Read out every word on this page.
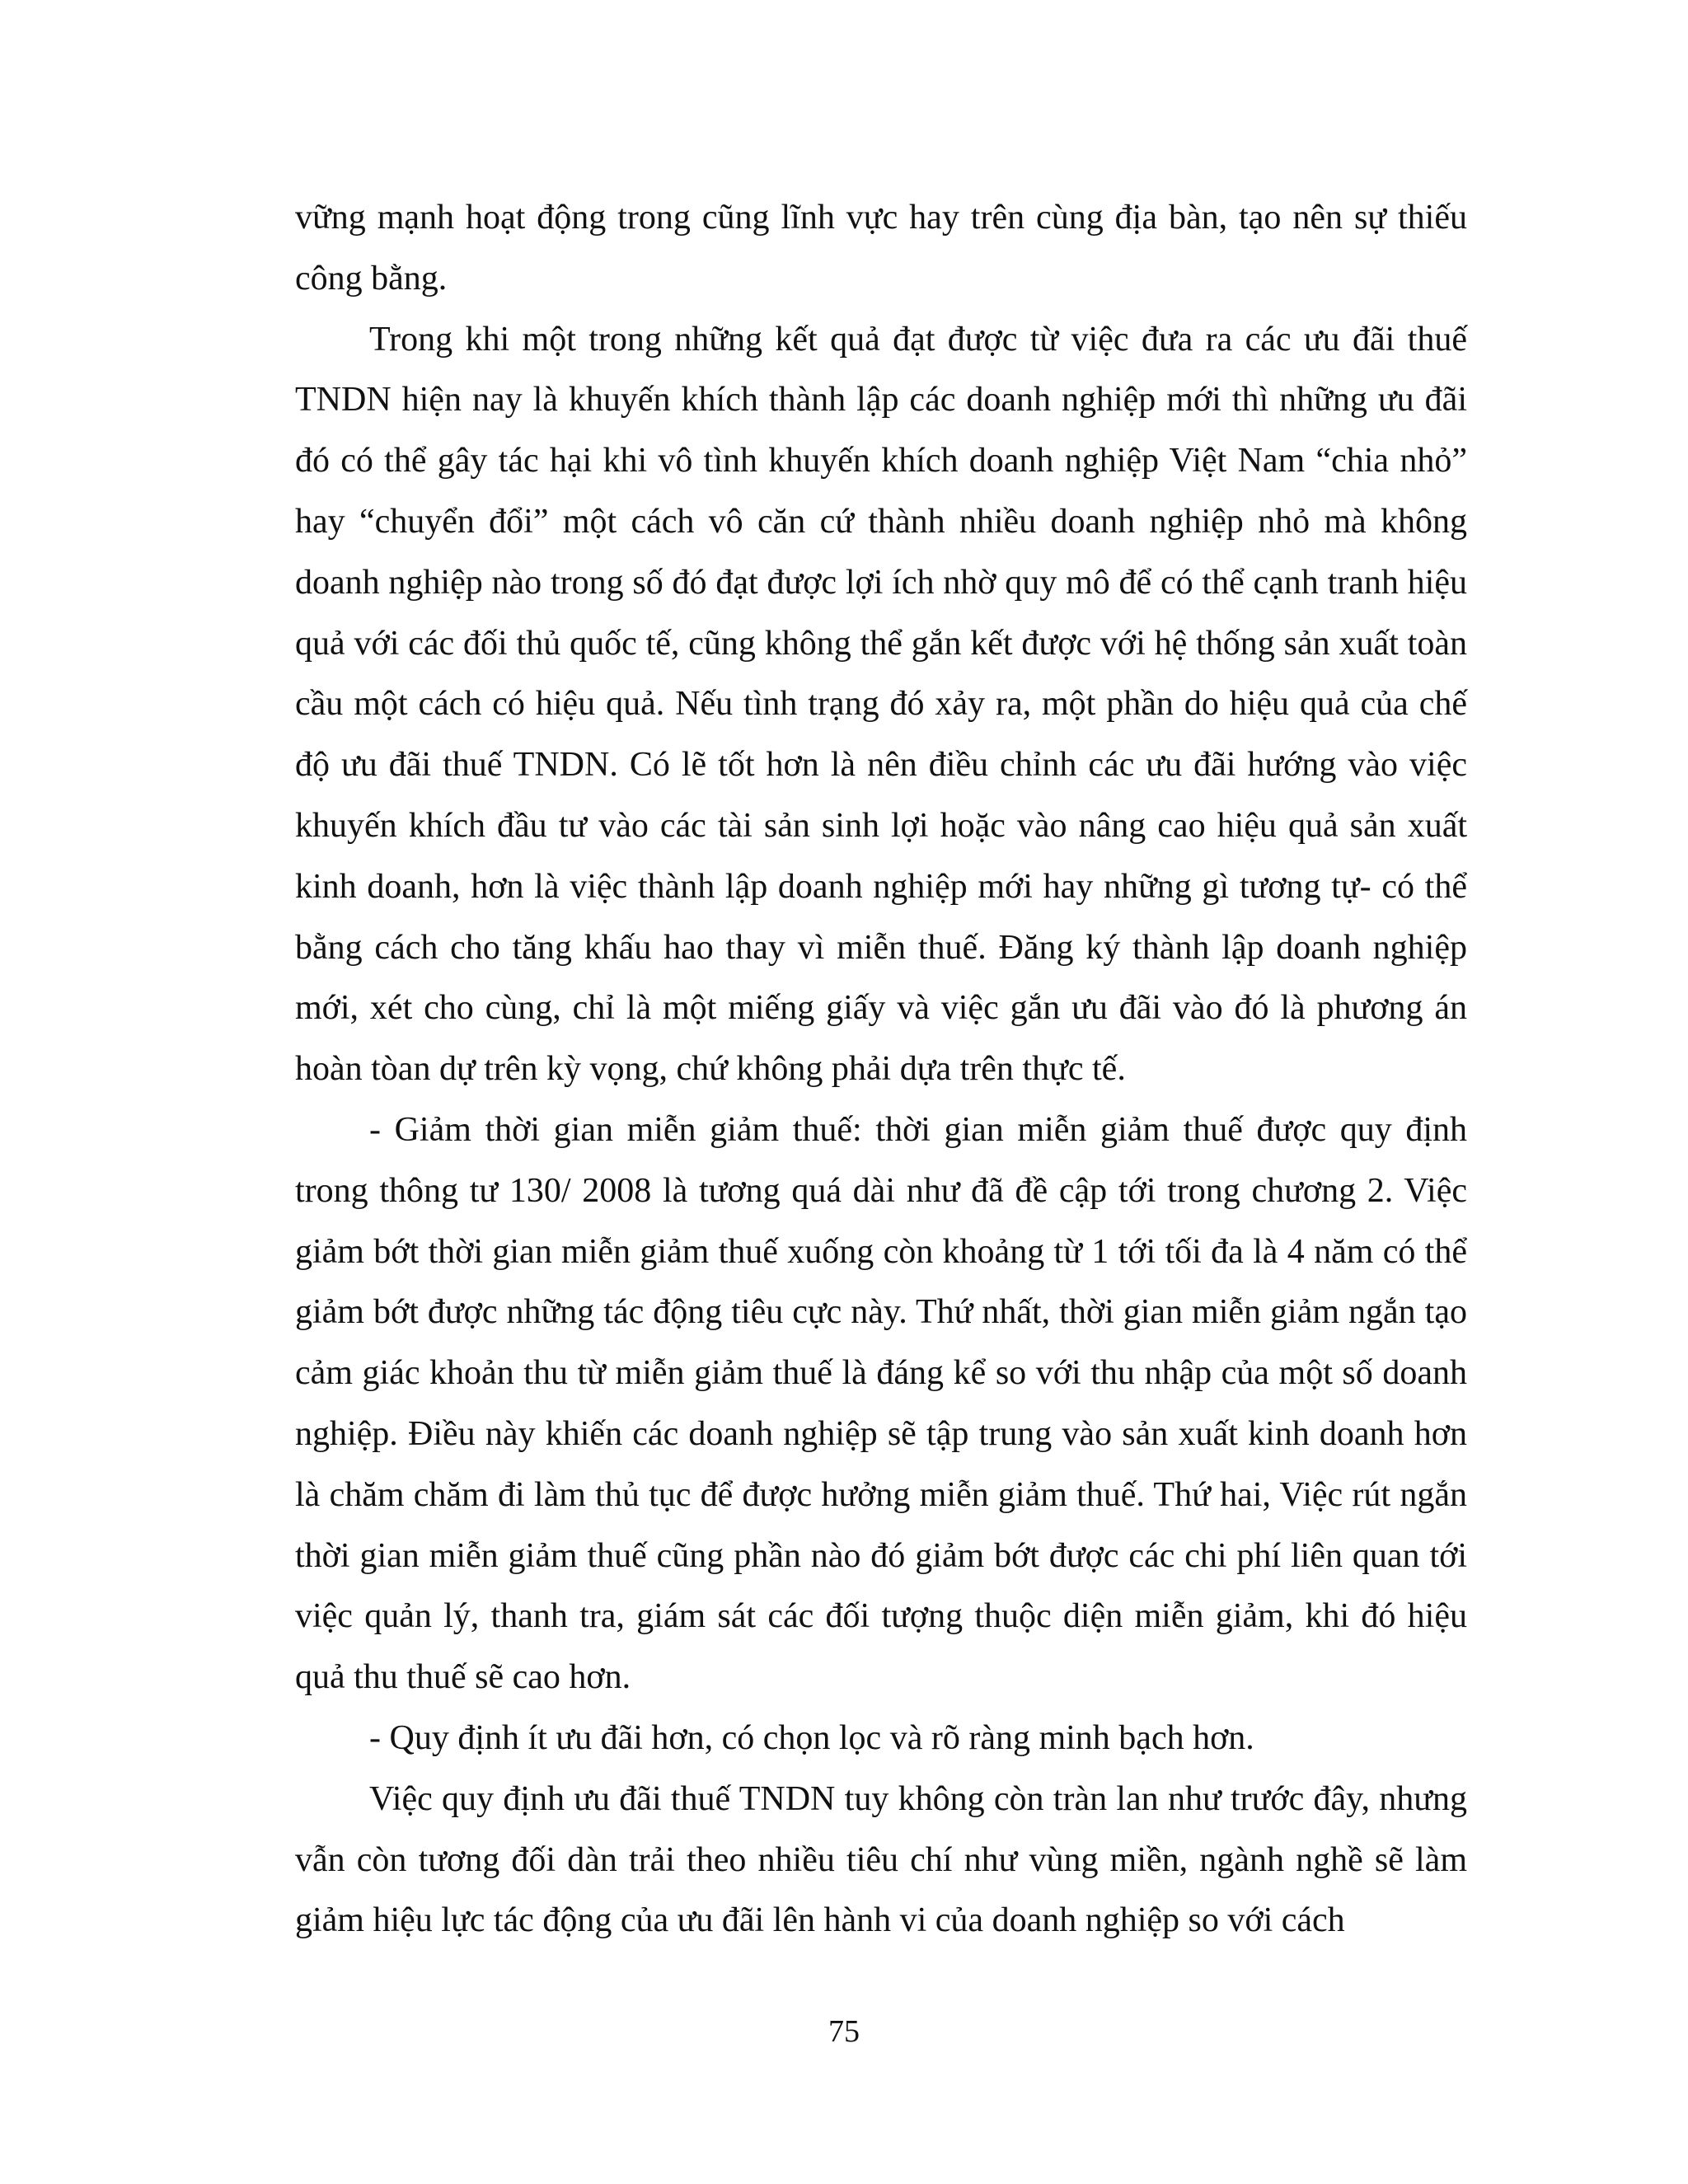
vững mạnh hoạt động trong cũng lĩnh vực hay trên cùng địa bàn, tạo nên sự thiếu công bằng.

Trong khi một trong những kết quả đạt được từ việc đưa ra các ưu đãi thuế TNDN hiện nay là khuyến khích thành lập các doanh nghiệp mới thì những ưu đãi đó có thể gây tác hại khi vô tình khuyến khích doanh nghiệp Việt Nam “chia nhỏ” hay “chuyển đổi” một cách vô căn cứ thành nhiều doanh nghiệp nhỏ mà không doanh nghiệp nào trong số đó đạt được lợi ích nhờ quy mô để có thể cạnh tranh hiệu quả với các đối thủ quốc tế, cũng không thể gắn kết được với hệ thống sản xuất toàn cầu một cách có hiệu quả. Nếu tình trạng đó xảy ra, một phần do hiệu quả của chế độ ưu đãi thuế TNDN. Có lẽ tốt hơn là nên điều chỉnh các ưu đãi hướng vào việc khuyến khích đầu tư vào các tài sản sinh lợi hoặc vào nâng cao hiệu quả sản xuất kinh doanh, hơn là việc thành lập doanh nghiệp mới hay những gì tương tự- có thể bằng cách cho tăng khấu hao thay vì miễn thuế. Đăng ký thành lập doanh nghiệp mới, xét cho cùng, chỉ là một miếng giấy và việc gắn ưu đãi vào đó là phương án hoàn tòan dự trên kỳ vọng, chứ không phải dựa trên thực tế.

- Giảm thời gian miễn giảm thuế: thời gian miễn giảm thuế được quy định trong thông tư 130/ 2008 là tương quá dài như đã đề cập tới trong chương 2. Việc giảm bớt thời gian miễn giảm thuế xuống còn khoảng từ 1 tới tối đa là 4 năm có thể giảm bớt được những tác động tiêu cực này. Thứ nhất, thời gian miễn giảm ngắn tạo cảm giác khoản thu từ miễn giảm thuế là đáng kể so với thu nhập của một số doanh nghiệp. Điều này khiến các doanh nghiệp sẽ tập trung vào sản xuất kinh doanh hơn là chăm chăm đi làm thủ tục để được hưởng miễn giảm thuế. Thứ hai, Việc rút ngắn thời gian miễn giảm thuế cũng phần nào đó giảm bớt được các chi phí liên quan tới việc quản lý, thanh tra, giám sát các đối tượng thuộc diện miễn giảm, khi đó hiệu quả thu thuế sẽ cao hơn.

- Quy định ít ưu đãi hơn, có chọn lọc và rõ ràng minh bạch hơn.

Việc quy định ưu đãi thuế TNDN tuy không còn tràn lan như trước đây, nhưng vẫn còn tương đối dàn trải theo nhiều tiêu chí như vùng miền, ngành nghề sẽ làm giảm hiệu lực tác động của ưu đãi lên hành vi của doanh nghiệp so với cách

75
